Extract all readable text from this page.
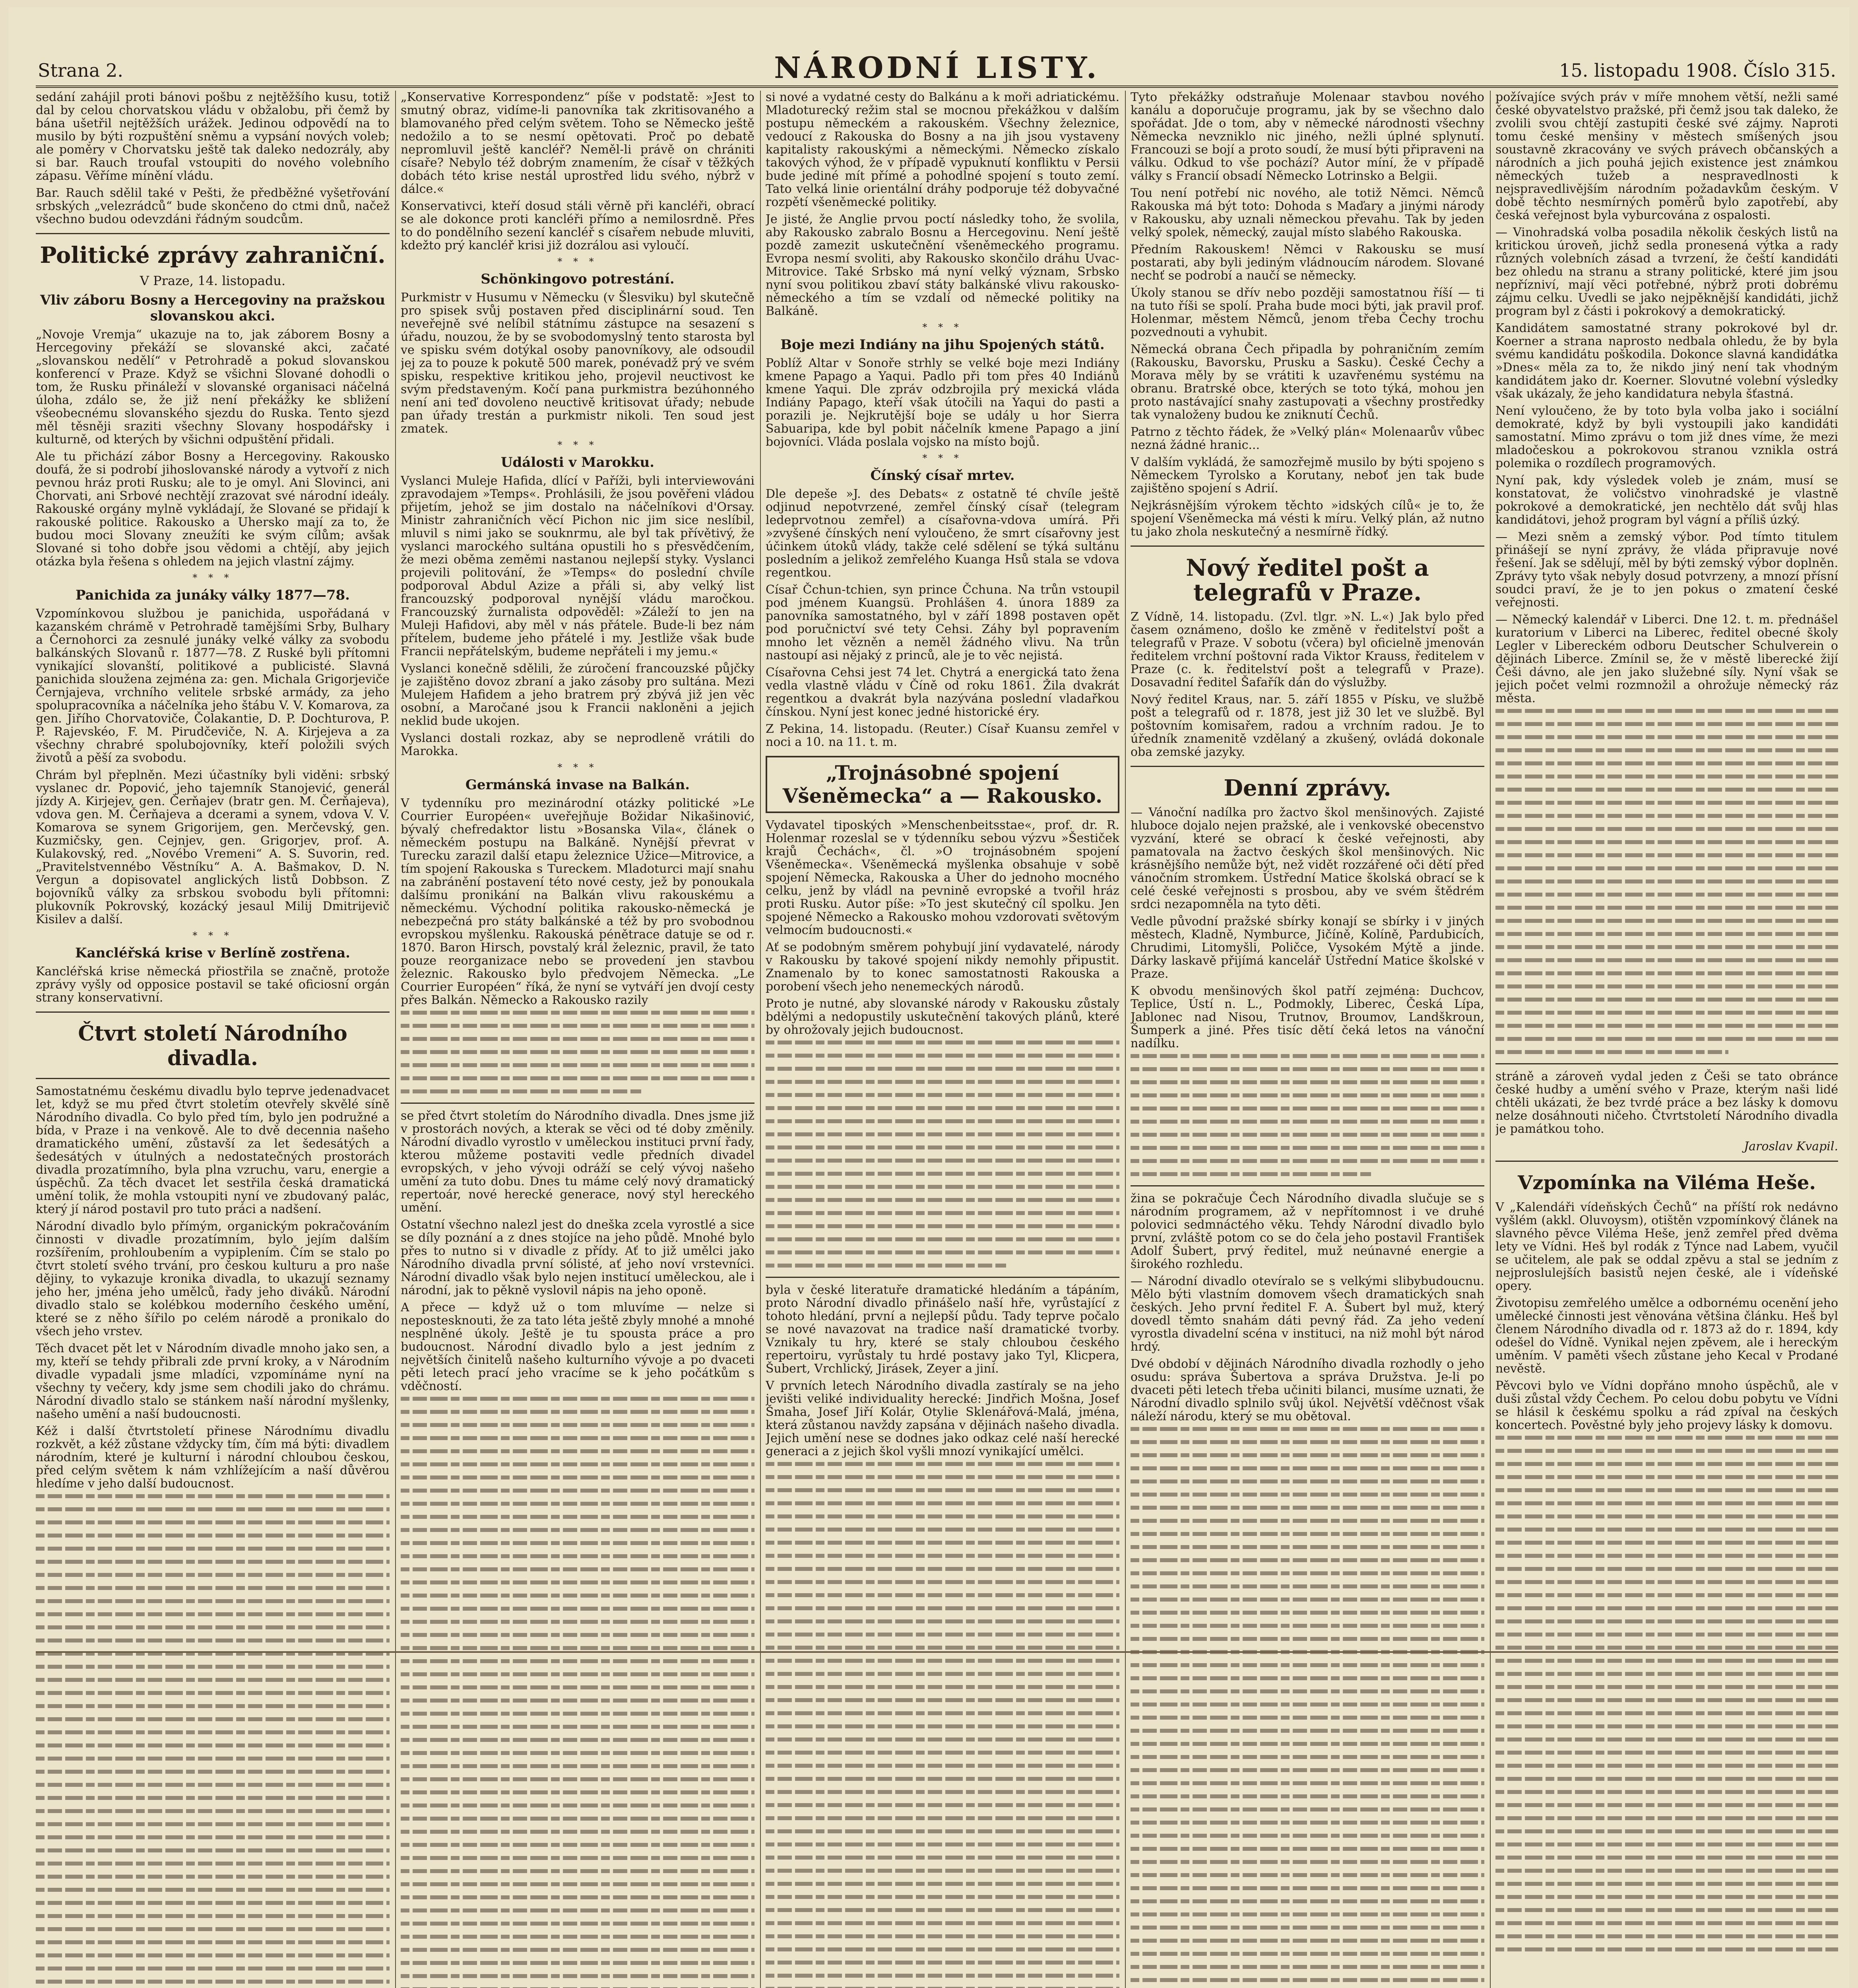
Strana 2.	NÁRODNÍ LISTY.	15. listopadu 1908. Číslo 315.

sedání zahájil proti bánovi pošbu z nejtěžšího kusu, totiž dal by celou chorvatskou vládu v obžalobu, při čemž by bána ušetřil nejtěžších urážek. Jedinou odpovědí na to musilo by býti rozpuštění sněmu a vypsání nových voleb; ale poměry v Chorvatsku ještě tak daleko nedozrály, aby si bar. Rauch troufal vstoupiti do nového volebního zápasu. Věříme mínění vládu.

Bar. Rauch sdělil také v Pešti, že předběžné vyšetřování srbských „velezrádců“ bude skončeno do ctmi dnů, načež všechno budou odevzdáni řádným soudcům.

Politické zprávy zahraniční.
V Praze, 14. listopadu.
Vliv záboru Bosny a Hercegoviny na pražskou slovanskou akci.

„Novoje Vremja“ ukazuje na to, jak záborem Bosny a Hercegoviny překáží se slovanské akci, začaté „slovanskou nedělí“ v Petrohradě a pokud slovanskou konferencí v Praze. Když se všichni Slované dohodli o tom, že Rusku přináleží v slovanské organisaci náčelná úloha, zdálo se, že již není překážky ke sbližení všeobecnému slovanského sjezdu do Ruska. Tento sjezd měl těsněji sraziti všechny Slovany hospodářsky i kulturně, od kterých by všichni odpuštění přidali.

Ale tu přichází zábor Bosny a Hercegoviny. Rakousko doufá, že si podrobí jihoslovanské národy a vytvoří z nich pevnou hráz proti Rusku; ale to je omyl. Ani Slovinci, ani Chorvati, ani Srbové nechtějí zrazovat své národní ideály. Rakouské orgány mylně vykládají, že Slované se přidají k rakouské politice. Rakousko a Uhersko mají za to, že budou moci Slovany zneužíti ke svým cílům; avšak Slované si toho dobře jsou vědomi a chtějí, aby jejich otázka byla řešena s ohledem na jejich vlastní zájmy.

* * *
Panichida za junáky války 1877—78.

Vzpomínkovou službou je panichida, uspořádaná v kazanském chrámě v Petrohradě tamějšími Srby, Bulhary a Černohorci za zesnulé junáky velké války za svobodu balkánských Slovanů r. 1877—78. Z Ruské byli přítomni vynikající slovanští, politikové a publicisté. Slavná panichida sloužena zejména za: gen. Michala Grigorjeviče Černjajeva, vrchního velitele srbské armády, za jeho spolupracovníka a náčelníka jeho štábu V. V. Komarova, za gen. Jiřího Chorvatoviče, Čolakantie, D. P. Dochturova, P. P. Rajevskéo, F. M. Pirudčeviče, N. A. Kirjejeva a za všechny chrabré spolubojovníky, kteří položili svých životů a pěší za svobodu.

Chrám byl přeplněn. Mezi účastníky byli viděni: srbský vyslanec dr. Popović, jeho tajemník Stanojević, generál jízdy A. Kirjejev, gen. Čerňajev (bratr gen. M. Čerňajeva), vdova gen. M. Čerňajeva a dcerami a synem, vdova V. V. Komarova se synem Grigorijem, gen. Merčevský, gen. Kuzmičsky, gen. Cejnjev, gen. Grigorjev, prof. A. Kulakovský, red. „Novébo Vremeni“ A. S. Suvorin, red. „Pravitelstvennébo Věstníku“ A. A. Bašmakov, D. N. Vergun a dopisovatel anglických listů Dobbson. Z bojovníků války za srbskou svobodu byli přítomni: plukovník Pokrovský, kozácký jesaul Milij Dmitrijevič Kisilev a další.

* * *
Kancléřská krise v Berlíně zostřena.

Kancléřská krise německá přiostřila se značně, protože zprávy vyšly od opposice postavil se také oficiosní orgán strany konservativní.

Čtvrt století Národního divadla.

Samostatnému českému divadlu bylo teprve jedenadvacet let, když se mu před čtvrt stoletím otevřely skvělé síně Národního divadla. Co bylo před tím, bylo jen podružné a bída, v Praze i na venkově. Ale to dvě decennia našeho dramatického umění, zůstavší za let šedesátých a šedesátých v útulných a nedostatečných prostorách divadla prozatímního, byla plna vzruchu, varu, energie a úspěchů. Za těch dvacet let sestřila česká dramatická umění tolik, že mohla vstoupiti nyní ve zbudovaný palác, který jí národ postavil pro tuto práci a nadšení.

Národní divadlo bylo přímým, organickým pokračováním činnosti v divadle prozatímním, bylo jejím dalším rozšířením, prohloubením a vypiplením. Čím se stalo po čtvrt století svého trvání, pro českou kulturu a pro naše dějiny, to vykazuje kronika divadla, to ukazují seznamy jeho her, jména jeho umělců, řady jeho diváků. Národní divadlo stalo se kolébkou moderního českého umění, které se z něho šířilo po celém národě a pronikalo do všech jeho vrstev.

Těch dvacet pět let v Národním divadle mnoho jako sen, a my, kteří se tehdy přibrali zde první kroky, a v Národním divadle vypadali jsme mladíci, vzpomínáme nyní na všechny ty večery, kdy jsme sem chodili jako do chrámu. Národní divadlo stalo se stánkem naší národní myšlenky, našeho umění a naší budoucnosti.

Kéž i další čtvrtstoletí přinese Národnímu divadlu rozkvět, a kéž zůstane vždycky tím, čím má býti: divadlem národním, které je kulturní i národní chloubou českou, před celým světem k nám vzhlížejícím a naší důvěrou hledíme v jeho další budoucnost.

„Konservative Korrespondenz“ píše v podstatě: »Jest to smutný obraz, vidíme-li panovníka tak zkritisovaného a blamovaného před celým světem. Toho se Německo ještě nedožilo a to se nesmí opětovati. Proč po debatě nepromluvil ještě kancléř? Neměl-li právě on chrániti císaře? Nebylo též dobrým znamením, že císař v těžkých dobách této krise nestál uprostřed lidu svého, nýbrž v dálce.«

Konservativci, kteří dosud stáli věrně při kancléři, obrací se ale dokonce proti kancléři přímo a nemilosrdně. Přes to do pondělního sezení kancléř s císařem nebude mluviti, kdežto prý kancléř krisi již dozrálou asi vyloučí.

* * *
Schönkingovo potrestání.

Purkmistr v Husumu v Německu (v Šlesviku) byl skutečně pro spisek svůj postaven před disciplinární soud. Ten neveřejně své nelíbil státnímu zástupce na sesazení s úřadu, nouzou, že by se svobodomyslný tento starosta byl ve spisku svém dotýkal osoby panovníkovy, ale odsoudil jej za to pouze k pokutě 500 marek, ponévadž prý ve svém spisku, respektive kritikou jeho, projevil neuctivost ke svým představeným. Kočí pana purkmistra bezúhonného není ani teď dovoleno neuctivě kritisovat úřady; nebude pan úřady trestán a purkmistr nikoli. Ten soud jest zmatek.

* * *
Události v Marokku.

Vyslanci Muleje Hafida, dlící v Paříži, byli interviewováni zpravodajem »Temps«. Prohlásili, že jsou pověřeni vládou přijetím, jehož se jim dostalo na náčelníkovi d'Orsay. Ministr zahraničních věcí Pichon nic jim sice neslíbil, mluvil s nimi jako se souknrmu, ale byl tak přívětivý, že vyslanci marockého sultána opustili ho s přesvědčením, že mezi oběma zeměmi nastanou nejlepší styky. Vyslanci projevili politování, že »Temps« do poslední chvíle podporoval Abdul Azize a přáli si, aby velký list francouzský podporoval nynější vládu maročkou. Francouzský žurnalista odpověděl: »Záleží to jen na Muleji Hafidovi, aby měl v nás přátele. Bude-li bez nám přítelem, budeme jeho přátelé i my. Jestliže však bude Francii nepřátelským, budeme nepřáteli i my jemu.«

Vyslanci konečně sdělili, že zúročení francouzské půjčky je zajištěno dovoz zbraní a jako zásoby pro sultána. Mezi Mulejem Hafidem a jeho bratrem prý zbývá již jen věc osobní, a Maročané jsou k Francii nakloněni a jejich neklid bude ukojen.

Vyslanci dostali rozkaz, aby se neprodleně vrátili do Marokka.

* * *
Germánská invase na Balkán.

V tydenníku pro mezinárodní otázky politické »Le Courrier Européen« uveřejňuje Božidar Nikašinović, bývalý chefredaktor listu »Bosanska Vila«, článek o německém postupu na Balkáně. Nynější převrat v Turecku zarazil další etapu železnice Užice—Mitrovice, a tím spojení Rakouska s Tureckem. Mladoturci mají snahu na zabránění postavení této nové cesty, jež by ponoukala dalšímu pronikání na Balkán vlivu rakouskému a německému. Východní politika rakousko-německá je nebezpečná pro státy balkánské a též by pro svobodnou evropskou myšlenku. Rakouská pénětrace datuje se od r. 1870. Baron Hirsch, povstalý král železnic, pravil, že tato pouze reorganizace nebo se provedení jen stavbou železnic. Rakousko bylo předvojem Německa. „Le Courrier Européen“ říká, že nyní se vytváří jen dvojí cesty přes Balkán. Německo a Rakousko razily

se před čtvrt stoletím do Národního divadla. Dnes jsme již v prostorách nových, a kterak se věci od té doby změnily. Národní divadlo vyrostlo v uměleckou instituci první řady, kterou můžeme postaviti vedle předních divadel evropských, v jeho vývoji odráží se celý vývoj našeho umění za tuto dobu. Dnes tu máme celý nový dramatický repertoár, nové herecké generace, nový styl hereckého umění.

Ostatní všechno nalezl jest do dneška zcela vyrostlé a sice se díly poznání a z dnes stojíce na jeho půdě. Mnohé bylo přes to nutno si v divadle z přídy. Ať to již umělci jako Národního divadla první sólisté, ať jeho noví vrstevníci. Národní divadlo však bylo nejen institucí uměleckou, ale i národní, jak to pěkně vyslovil nápis na jeho oponě.

A přece — když už o tom mluvíme — nelze si nepostesknouti, že za tato léta ještě zbyly mnohé a mnohé nesplněné úkoly. Ještě je tu spousta práce a pro budoucnost. Národní divadlo bylo a jest jedním z největších činitelů našeho kulturního vývoje a po dvaceti pěti letech prací jeho vracíme se k jeho počátkům s vděčností.

si nové a vydatné cesty do Balkánu a k moři adriatickému. Mladoturecký režim stal se mocnou překážkou v dalším postupu německém a rakouském. Všechny železnice, vedoucí z Rakouska do Bosny a na jih jsou vystaveny kapitalisty rakouskými a německými. Německo získalo takových výhod, že v případě vypuknutí konfliktu v Persii bude jediné mít přímé a pohodlné spojení s touto zemí. Tato velká linie orientální dráhy podporuje též dobyvačné rozpětí všeněmecké politiky.

Je jisté, že Anglie prvou poctí následky toho, že svolila, aby Rakousko zabralo Bosnu a Hercegovinu. Není ještě pozdě zamezit uskutečnění všeněmeckého programu. Evropa nesmí svoliti, aby Rakousko skončilo dráhu Uvac-Mitrovice. Také Srbsko má nyní velký význam, Srbsko nyní svou politikou zbaví státy balkánské vlivu rakousko-německého a tím se vzdalí od německé politiky na Balkáně.

* * *
Boje mezi Indiány na jihu Spojených států.

Poblíž Altar v Sonoře strhly se velké boje mezi Indiány kmene Papago a Yaqui. Padlo při tom přes 40 Indiánů kmene Yaqui. Dle zpráv odzbrojila prý mexická vláda Indiány Papago, kteří však útočili na Yaqui do pasti a porazili je. Nejkrutější boje se udály u hor Sierra Sabuaripa, kde byl pobit náčelník kmene Papago a jiní bojovníci. Vláda poslala vojsko na místo bojů.

* * *
Čínský císař mrtev.

Dle depeše »J. des Debats« z ostatně té chvíle ještě odjinud nepotvrzené, zemřel čínský císař (telegram ledeprvotnou zemřel) a císařovna-vdova umírá. Při »zvyšené čínských není vyloučeno, že smrt císařovny jest účinkem útoků vlády, takže celé sdělení se týká sultánu posledním a jelikož zemřelého Kuanga Hsů stala se vdova regentkou.

Císař Čchun-tchien, syn prince Čchuna. Na trůn vstoupil pod jménem Kuangsü. Prohlášen 4. února 1889 za panovníka samostatného, byl v září 1898 postaven opět pod poručnictví své tety Cehsi. Záhy byl popravením mnoho let vězněn a neměl žádného vlivu. Na trůn nastoupí asi nějaký z princů, ale je to věc nejistá.

Císařovna Cehsi jest 74 let. Chytrá a energická tato žena vedla vlastně vládu v Číně od roku 1861. Žila dvakrát regentkou a dvakrát byla nazývána poslední vladařkou čínskou. Nyní jest konec jedné historické éry.

Z Pekina, 14. listopadu. (Reuter.) Císař Kuansu zemřel v noci a 10. na 11. t. m.

„Trojnásobné spojení Všeněmecka“ a — Rakousko.

Vydavatel tipoských »Menschenbeitsstae«, prof. dr. R. Holenmar rozeslal se v týdenníku sebou výzvu »Šestiček krajů Čechách«, čl. »O trojnásobném spojení Všeněmecka«. Všeněmecká myšlenka obsahuje v sobě spojení Německa, Rakouska a Uher do jednoho mocného celku, jenž by vládl na pevnině evropské a tvořil hráz proti Rusku. Autor píše: »To jest skutečný cíl spolku. Jen spojené Německo a Rakousko mohou vzdorovati světovým velmocím budoucnosti.«

Ať se podobným směrem pohybují jiní vydavatelé, národy v Rakousku by takové spojení nikdy nemohly připustit. Znamenalo by to konec samostatnosti Rakouska a porobení všech jeho nenemeckých národů.

Proto je nutné, aby slovanské národy v Rakousku zůstaly bdělými a nedopustily uskutečnění takových plánů, které by ohrožovaly jejich budoucnost.

byla v české literatuře dramatické hledáním a tápáním, proto Národní divadlo přinášelo naší hře, vyrůstající z tohoto hledání, první a nejlepší půdu. Tady teprve počalo se nové navazovat na tradice naší dramatické tvorby. Vznikaly tu hry, které se staly chloubou českého repertoiru, vyrůstaly tu hrdé postavy jako Tyl, Klicpera, Šubert, Vrchlický, Jirásek, Zeyer a jiní.

V prvních letech Národního divadla zastíraly se na jeho jevišti veliké individuality herecké: Jindřich Mošna, Josef Šmaha, Josef Jiří Kolár, Otylie Sklenářová-Malá, jména, která zůstanou navždy zapsána v dějinách našeho divadla. Jejich umění nese se dodnes jako odkaz celé naší herecké generaci a z jejich škol vyšli mnozí vynikající umělci.

Tyto překážky odstraňuje Molenaar stavbou nového kanálu a doporučuje programu, jak by se všechno dalo spořádat. Jde o tom, aby v německé národnosti všechny Německa nevzniklo nic jiného, nežli úplné splynutí. Francouzi se bojí a proto soudí, že musí býti připraveni na válku. Odkud to vše pochází? Autor míní, že v případě války s Francií obsadí Německo Lotrinsko a Belgii.

Tou není potřebí nic nového, ale totiž Němci. Němců Rakouska má být toto: Dohoda s Maďary a jinými národy v Rakousku, aby uznali německou převahu. Tak by jeden velký spolek, německý, zaujal místo slabého Rakouska.

Předním Rakouskem! Němci v Rakousku se musí postarati, aby byli jediným vládnoucím národem. Slované nechť se podrobí a naučí se německy.

Úkoly stanou se dřív nebo později samostatnou říší — ti na tuto říši se spolí. Praha bude moci býti, jak pravil prof. Holenmar, městem Němců, jenom třeba Čechy trochu pozvednouti a vyhubit.

Německá obrana Čech připadla by pohraničním zemím (Rakousku, Bavorsku, Prusku a Sasku). České Čechy a Morava měly by se vrátiti k uzavřenému systému na obranu. Bratrské obce, kterých se toto týká, mohou jen proto nastávající snahy zastupovati a všechny prostředky tak vynaloženy budou ke zniknutí Čechů.

Patrno z těchto řádek, že »Velký plán« Molenaarův vůbec nezná žádné hranic...

V dalším vykládá, že samozřejmě musilo by býti spojeno s Německem Tyrolsko a Korutany, neboť jen tak bude zajištěno spojení s Adrií.

Nejkrásnějším výrokem těchto »idských cílů« je to, že spojení Všeněmecka má vésti k míru. Velký plán, až nutno tu jako zhola neskutečný a nesmírně řídký.

Nový ředitel pošt a telegrafů v Praze.

Z Vídně, 14. listopadu. (Zvl. tlgr. »N. L.«) Jak bylo před časem oznámeno, došlo ke změně v ředitelství pošt a telegrafů v Praze. V sobotu (včera) byl oficielně jmenován ředitelem vrchní poštovní rada Viktor Krauss, ředitelem v Praze (c. k. ředitelství pošt a telegrafů v Praze). Dosavadní ředitel Šafařík dán do výslužby.

Nový ředitel Kraus, nar. 5. září 1855 v Písku, ve službě pošt a telegrafů od r. 1878, jest již 30 let ve službě. Byl poštovním komisařem, radou a vrchním radou. Je to úředník znamenitě vzdělaný a zkušený, ovládá dokonale oba zemské jazyky.

Denní zprávy.

— Vánoční nadílka pro žactvo škol menšinových. Zajisté hluboce dojalo nejen pražské, ale i venkovské obecenstvo vyzvání, které se obrací k české veřejnosti, aby pamatovala na žactvo českých škol menšinových. Nic krásnějšího nemůže být, než vidět rozzářené oči dětí před vánočním stromkem. Ústřední Matice školská obrací se k celé české veřejnosti s prosbou, aby ve svém štědrém srdci nezapomněla na tyto děti.

Vedle původní pražské sbírky konají se sbírky i v jiných městech, Kladně, Nymburce, Jičíně, Kolíně, Pardubicích, Chrudimi, Litomyšli, Poličce, Vysokém Mýtě a jinde. Dárky laskavě přijímá kancelář Ústřední Matice školské v Praze.

K obvodu menšinových škol patří zejména: Duchcov, Teplice, Ústí n. L., Podmokly, Liberec, Česká Lípa, Jablonec nad Nisou, Trutnov, Broumov, Landškroun, Šumperk a jiné. Přes tisíc dětí čeká letos na vánoční nadílku.

žina se pokračuje Čech Národního divadla slučuje se s národním programem, až v nepřítomnost i ve druhé polovici sedmnáctého věku. Tehdy Národní divadlo bylo první, zvláště potom co se do čela jeho postavil František Adolf Šubert, prvý ředitel, muž neúnavné energie a širokého rozhledu.

— Národní divadlo otevíralo se s velkými slibybudoucnu. Mělo býti vlastním domovem všech dramatických snah českých. Jeho první ředitel F. A. Šubert byl muž, který dovedl těmto snahám dáti pevný řád. Za jeho vedení vyrostla divadelní scéna v instituci, na niž mohl být národ hrdý.

Dvé období v dějinách Národního divadla rozhodly o jeho osudu: správa Šubertova a správa Družstva. Je-li po dvaceti pěti letech třeba učiniti bilanci, musíme uznati, že Národní divadlo splnilo svůj úkol. Největší vděčnost však náleží národu, který se mu obětoval.

požívajíce svých práv v míře mnohem větší, nežli samé české obyvatelstvo pražské, při čemž jsou tak daleko, že zvolili svou chtějí zastupiti české své zájmy. Naproti tomu české menšiny v městech smíšených jsou soustavně zkracovány ve svých právech občanských a národních a jich pouhá jejich existence jest známkou německých tužeb a nespravedlnosti k nejspravedlivějším národním požadavkům českým. V době těchto nesmírných poměrů bylo zapotřebí, aby česká veřejnost byla vyburcována z ospalosti.

— Vinohradská volba posadila několik českých listů na kritickou úroveň, jichž sedla pronesená výtka a rady různých volebních zásad a tvrzení, že čeští kandidáti bez ohledu na stranu a strany politické, které jim jsou nepřízniví, mají věci potřebné, nýbrž proti dobrému zájmu celku. Uvedli se jako nejpěknější kandidáti, jichž program byl z části i pokrokový a demokratický.

Kandidátem samostatné strany pokrokové byl dr. Koerner a strana naprosto nedbala ohledu, že by byla svému kandidátu poškodila. Dokonce slavná kandidátka »Dnes« měla za to, že nikdo jiný není tak vhodným kandidátem jako dr. Koerner. Slovutné volební výsledky však ukázaly, že jeho kandidatura nebyla šťastná.

Není vyloučeno, že by toto byla volba jako i sociální demokraté, když by byli vystoupili jako kandidáti samostatní. Mimo zprávu o tom již dnes víme, že mezi mladočeskou a pokrokovou stranou vznikla ostrá polemika o rozdílech programových.

Nyní pak, kdy výsledek voleb je znám, musí se konstatovat, že voličstvo vinohradské je vlastně pokrokové a demokratické, jen nechtělo dát svůj hlas kandidátovi, jehož program byl vágní a příliš úzký.

— Mezi sněm a zemský výbor. Pod tímto titulem přinášejí se nyní zprávy, že vláda připravuje nové řešení. Jak se sdělují, měl by býti zemský výbor doplněn. Zprávy tyto však nebyly dosud potvrzeny, a mnozí přísní soudci praví, že je to jen pokus o zmatení české veřejnosti.

— Německý kalendář v Liberci. Dne 12. t. m. přednášel kuratorium v Liberci na Liberec, ředitel obecné školy Legler v Libereckém odboru Deutscher Schulverein o dějinách Liberce. Zmínil se, že v městě liberecké žijí Češi dávno, ale jen jako služebné síly. Nyní však se jejich počet velmi rozmnožil a ohrožuje německý ráz města.

stráně a zároveň vydal jeden z Češi se tato obránce české hudby a umění svého v Praze, kterým naši lidé chtěli ukázati, že bez tvrdé práce a bez lásky k domovu nelze dosáhnouti ničeho. Čtvrtstoletí Národního divadla je památkou toho.

Jaroslav Kvapil.
Vzpomínka na Viléma Heše.

V „Kalendáři vídeňských Čechů“ na příští rok nedávno vyšlém (akkl. Oluvoysm), otištěn vzpomínkový článek na slavného pěvce Viléma Heše, jenž zemřel před dvěma lety ve Vídni. Heš byl rodák z Týnce nad Labem, vyučil se učitelem, ale pak se oddal zpěvu a stal se jedním z nejproslulejších basistů nejen české, ale i vídeňské opery.

Životopisu zemřelého umělce a odbornému ocenění jeho umělecké činnosti jest věnována většina článku. Heš byl členem Národního divadla od r. 1873 až do r. 1894, kdy odešel do Vídně. Vynikal nejen zpěvem, ale i hereckým uměním. V paměti všech zůstane jeho Kecal v Prodané nevěstě.

Pěvcovi bylo ve Vídni dopřáno mnoho úspěchů, ale v duši zůstal vždy Čechem. Po celou dobu pobytu ve Vídni se hlásil k českému spolku a rád zpíval na českých koncertech. Pověstné byly jeho projevy lásky k domovu.
